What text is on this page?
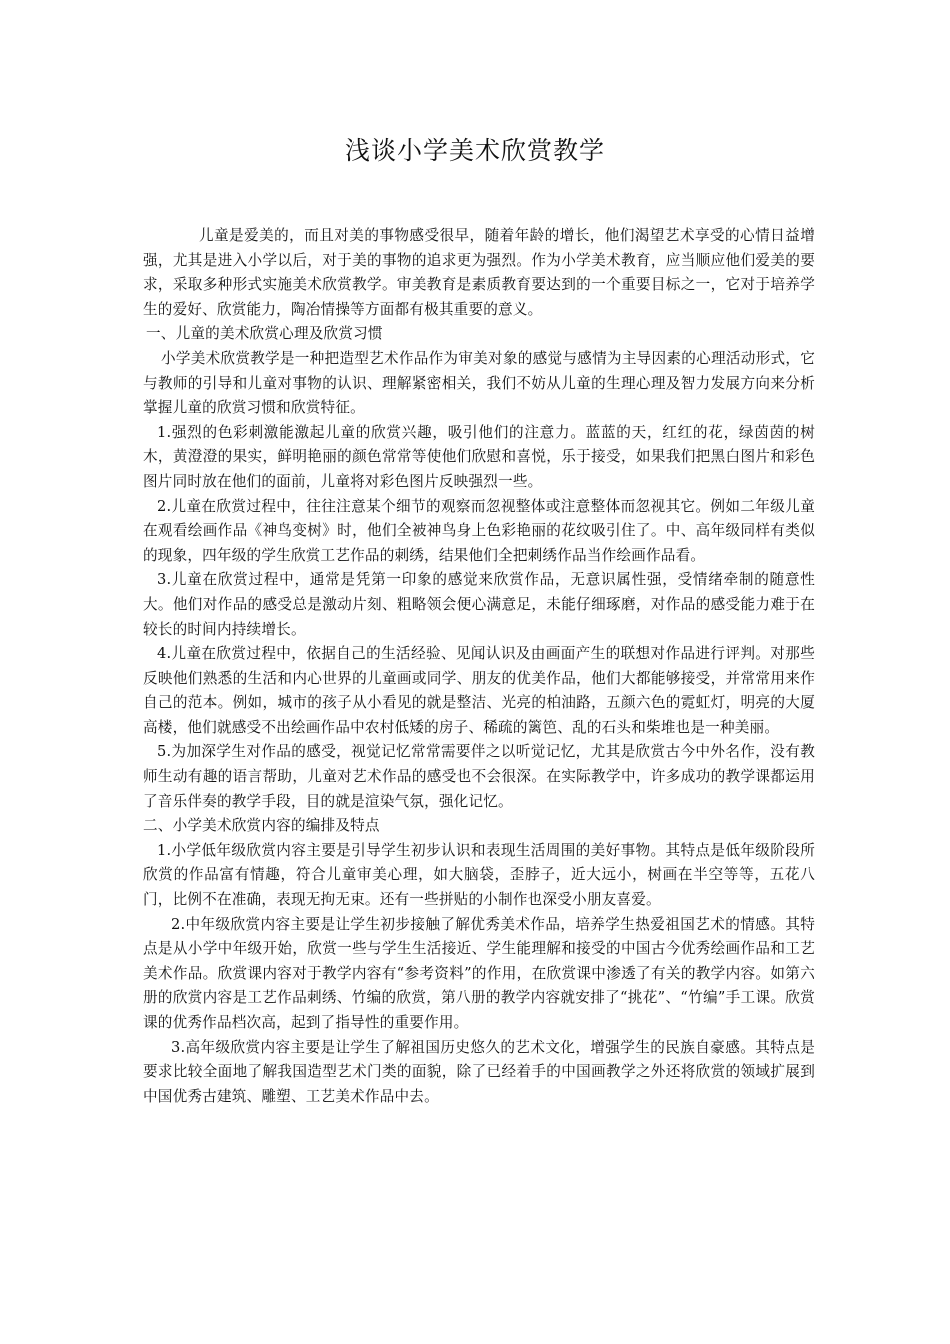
浅谈小学美术欣赏教学

儿童是爱美的，而且对美的事物感受很早，随着年龄的增长，他们渴望艺术享受的心情日益增强，尤其是进入小学以后，对于美的事物的追求更为强烈。作为小学美术教育，应当顺应他们爱美的要求，采取多种形式实施美术欣赏教学。审美教育是素质教育要达到的一个重要目标之一，它对于培养学生的爱好、欣赏能力，陶冶情操等方面都有极其重要的意义。

一、儿童的美术欣赏心理及欣赏习惯

小学美术欣赏教学是一种把造型艺术作品作为审美对象的感觉与感情为主导因素的心理活动形式，它与教师的引导和儿童对事物的认识、理解紧密相关，我们不妨从儿童的生理心理及智力发展方向来分析掌握儿童的欣赏习惯和欣赏特征。

1.强烈的色彩刺激能激起儿童的欣赏兴趣，吸引他们的注意力。蓝蓝的天，红红的花，绿茵茵的树木，黄澄澄的果实，鲜明艳丽的颜色常常等使他们欣慰和喜悦，乐于接受，如果我们把黑白图片和彩色图片同时放在他们的面前，儿童将对彩色图片反映强烈一些。

2.儿童在欣赏过程中，往往注意某个细节的观察而忽视整体或注意整体而忽视其它。例如二年级儿童在观看绘画作品《神鸟变树》时，他们全被神鸟身上色彩艳丽的花纹吸引住了。中、高年级同样有类似的现象，四年级的学生欣赏工艺作品的刺绣，结果他们全把刺绣作品当作绘画作品看。

3.儿童在欣赏过程中，通常是凭第一印象的感觉来欣赏作品，无意识属性强，受情绪牵制的随意性大。他们对作品的感受总是激动片刻、粗略领会便心满意足，未能仔细琢磨，对作品的感受能力难于在较长的时间内持续增长。

4.儿童在欣赏过程中，依据自己的生活经验、见闻认识及由画面产生的联想对作品进行评判。对那些反映他们熟悉的生活和内心世界的儿童画或同学、朋友的优美作品，他们大都能够接受，并常常用来作自己的范本。例如，城市的孩子从小看见的就是整洁、光亮的柏油路，五颜六色的霓虹灯，明亮的大厦高楼，他们就感受不出绘画作品中农村低矮的房子、稀疏的篱笆、乱的石头和柴堆也是一种美丽。

5.为加深学生对作品的感受，视觉记忆常常需要伴之以听觉记忆，尤其是欣赏古今中外名作，没有教师生动有趣的语言帮助，儿童对艺术作品的感受也不会很深。在实际教学中，许多成功的教学课都运用了音乐伴奏的教学手段，目的就是渲染气氛，强化记忆。

二、小学美术欣赏内容的编排及特点

1.小学低年级欣赏内容主要是引导学生初步认识和表现生活周围的美好事物。其特点是低年级阶段所欣赏的作品富有情趣，符合儿童审美心理，如大脑袋，歪脖子，近大远小，树画在半空等等，五花八门，比例不在准确，表现无拘无束。还有一些拼贴的小制作也深受小朋友喜爱。

2.中年级欣赏内容主要是让学生初步接触了解优秀美术作品，培养学生热爱祖国艺术的情感。其特点是从小学中年级开始，欣赏一些与学生生活接近、学生能理解和接受的中国古今优秀绘画作品和工艺美术作品。欣赏课内容对于教学内容有“参考资料”的作用，在欣赏课中渗透了有关的教学内容。如第六册的欣赏内容是工艺作品刺绣、竹编的欣赏，第八册的教学内容就安排了“挑花”、“竹编”手工课。欣赏课的优秀作品档次高，起到了指导性的重要作用。

3.高年级欣赏内容主要是让学生了解祖国历史悠久的艺术文化，增强学生的民族自豪感。其特点是要求比较全面地了解我国造型艺术门类的面貌，除了已经着手的中国画教学之外还将欣赏的领域扩展到中国优秀古建筑、雕塑、工艺美术作品中去。
